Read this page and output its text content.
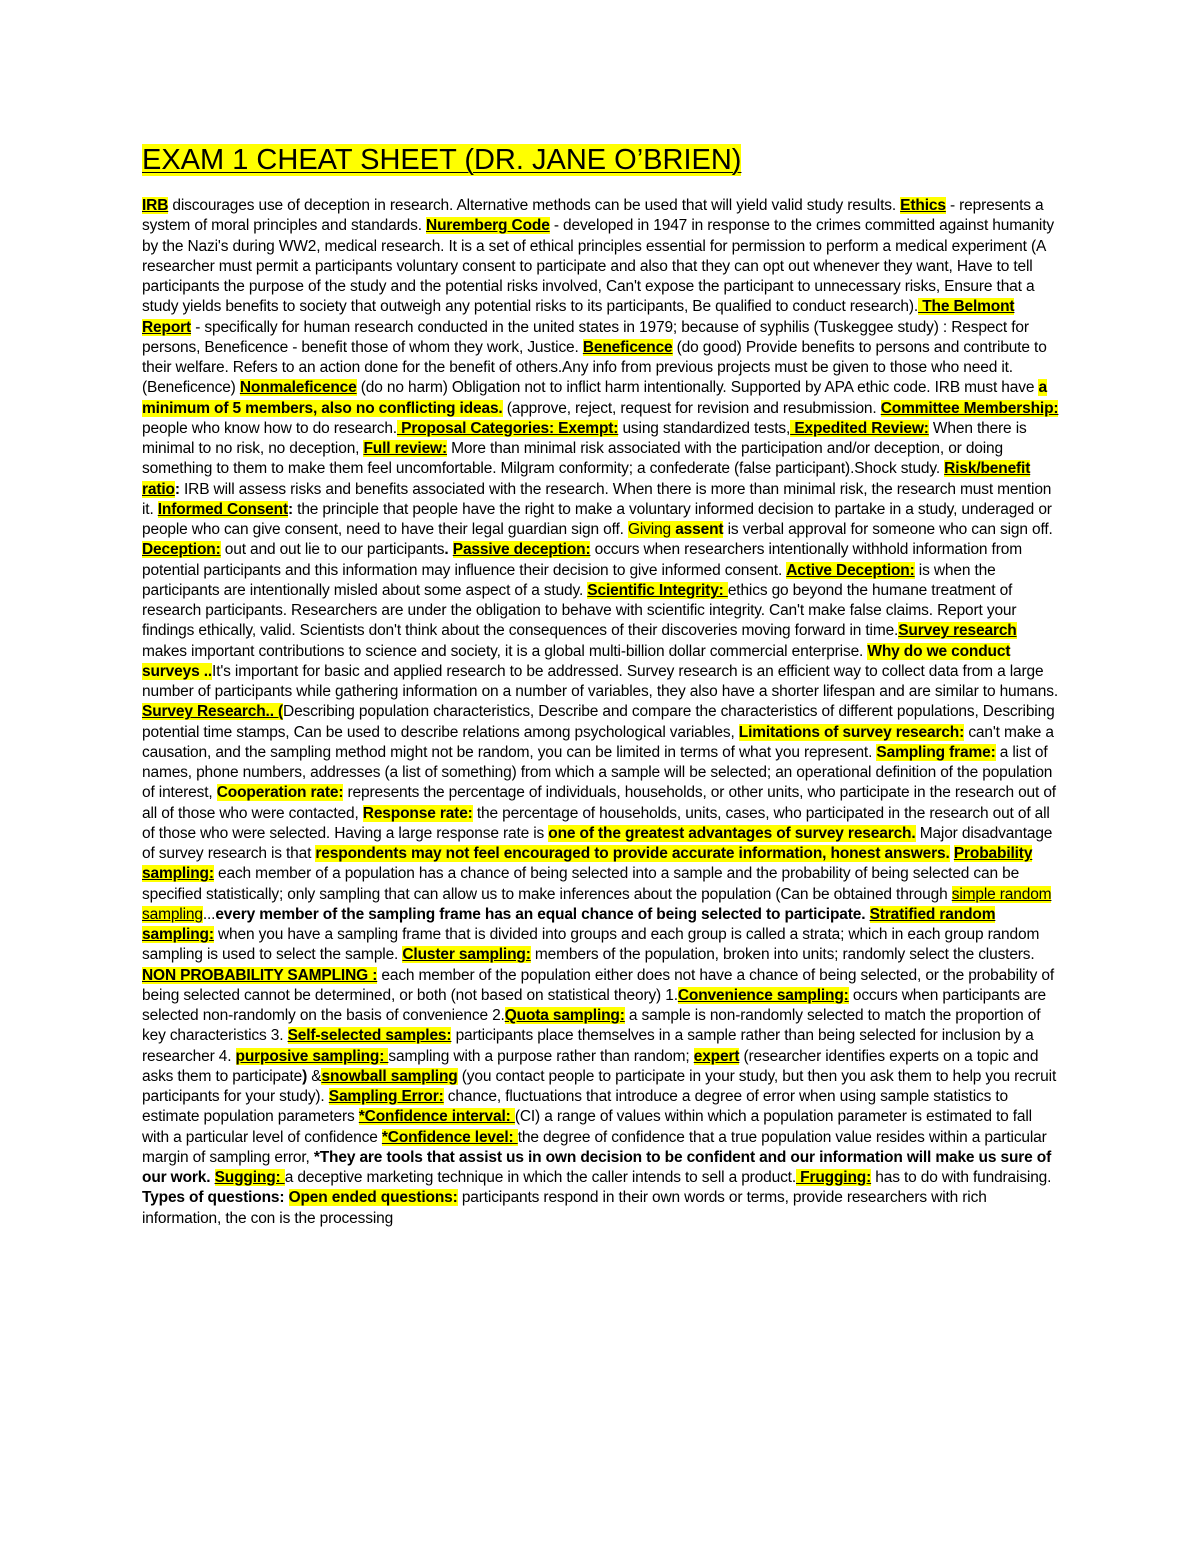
EXAM 1 CHEAT SHEET (DR. JANE O’BRIEN)

IRB discourages use of deception in research. Alternative methods can be used that will yield valid study results. Ethics - represents a system of moral principles and standards. Nuremberg Code - developed in 1947 in response to the crimes committed against humanity by the Nazi's during WW2, medical research. It is a set of ethical principles essential for permission to perform a medical experiment (A researcher must permit a participants voluntary consent to participate and also that they can opt out whenever they want, Have to tell participants the purpose of the study and the potential risks involved, Can't expose the participant to unnecessary risks, Ensure that a study yields benefits to society that outweigh any potential risks to its participants, Be qualified to conduct research). The Belmont Report - specifically for human research conducted in the united states in 1979; because of syphilis (Tuskeggee study) : Respect for persons, Beneficence - benefit those of whom they work, Justice. Beneficence (do good) Provide benefits to persons and contribute to their welfare. Refers to an action done for the benefit of others.Any info from previous projects must be given to those who need it. (Beneficence) Nonmaleficence (do no harm) Obligation not to inflict harm intentionally. Supported by APA ethic code. IRB must have a minimum of 5 members, also no conflicting ideas. (approve, reject, request for revision and resubmission. Committee Membership: people who know how to do research. Proposal Categories: Exempt: using standardized tests, Expedited Review: When there is minimal to no risk, no deception, Full review: More than minimal risk associated with the participation and/or deception, or doing something to them to make them feel uncomfortable. Milgram conformity; a confederate (false participant).Shock study. Risk/benefit ratio: IRB will assess risks and benefits associated with the research. When there is more than minimal risk, the research must mention it. Informed Consent: the principle that people have the right to make a voluntary informed decision to partake in a study, underaged or people who can give consent, need to have their legal guardian sign off. Giving assent is verbal approval for someone who can sign off. Deception: out and out lie to our participants. Passive deception: occurs when researchers intentionally withhold information from potential participants and this information may influence their decision to give informed consent. Active Deception: is when the participants are intentionally misled about some aspect of a study. Scientific Integrity: ethics go beyond the humane treatment of research participants. Researchers are under the obligation to behave with scientific integrity. Can't make false claims. Report your findings ethically, valid. Scientists don't think about the consequences of their discoveries moving forward in time.Survey research makes important contributions to science and society, it is a global multi-billion dollar commercial enterprise. Why do we conduct surveys ..It's important for basic and applied research to be addressed. Survey research is an efficient way to collect data from a large number of participants while gathering information on a number of variables, they also have a shorter lifespan and are similar to humans. Survey Research.. (Describing population characteristics, Describe and compare the characteristics of different populations, Describing potential time stamps, Can be used to describe relations among psychological variables, Limitations of survey research: can't make a causation, and the sampling method might not be random, you can be limited in terms of what you represent. Sampling frame: a list of names, phone numbers, addresses (a list of something) from which a sample will be selected; an operational definition of the population of interest, Cooperation rate: represents the percentage of individuals, households, or other units, who participate in the research out of all of those who were contacted, Response rate: the percentage of households, units, cases, who participated in the research out of all of those who were selected. Having a large response rate is one of the greatest advantages of survey research. Major disadvantage of survey research is that respondents may not feel encouraged to provide accurate information, honest answers. Probability sampling: each member of a population has a chance of being selected into a sample and the probability of being selected can be specified statistically; only sampling that can allow us to make inferences about the population (Can be obtained through simple random sampling...every member of the sampling frame has an equal chance of being selected to participate. Stratified random sampling: when you have a sampling frame that is divided into groups and each group is called a strata; which in each group random sampling is used to select the sample. Cluster sampling: members of the population, broken into units; randomly select the clusters. NON PROBABILITY SAMPLING : each member of the population either does not have a chance of being selected, or the probability of being selected cannot be determined, or both (not based on statistical theory) 1.Convenience sampling: occurs when participants are selected non-randomly on the basis of convenience 2.Quota sampling: a sample is non-randomly selected to match the proportion of key characteristics 3. Self-selected samples: participants place themselves in a sample rather than being selected for inclusion by a researcher 4. purposive sampling: sampling with a purpose rather than random; expert (researcher identifies experts on a topic and asks them to participate) &snowball sampling (you contact people to participate in your study, but then you ask them to help you recruit participants for your study). Sampling Error: chance, fluctuations that introduce a degree of error when using sample statistics to estimate population parameters *Confidence interval: (CI) a range of values within which a population parameter is estimated to fall with a particular level of confidence *Confidence level: the degree of confidence that a true population value resides within a particular margin of sampling error, *They are tools that assist us in own decision to be confident and our information will make us sure of our work. Sugging: a deceptive marketing technique in which the caller intends to sell a product. Frugging: has to do with fundraising. Types of questions: Open ended questions: participants respond in their own words or terms, provide researchers with rich information, the con is the processing
